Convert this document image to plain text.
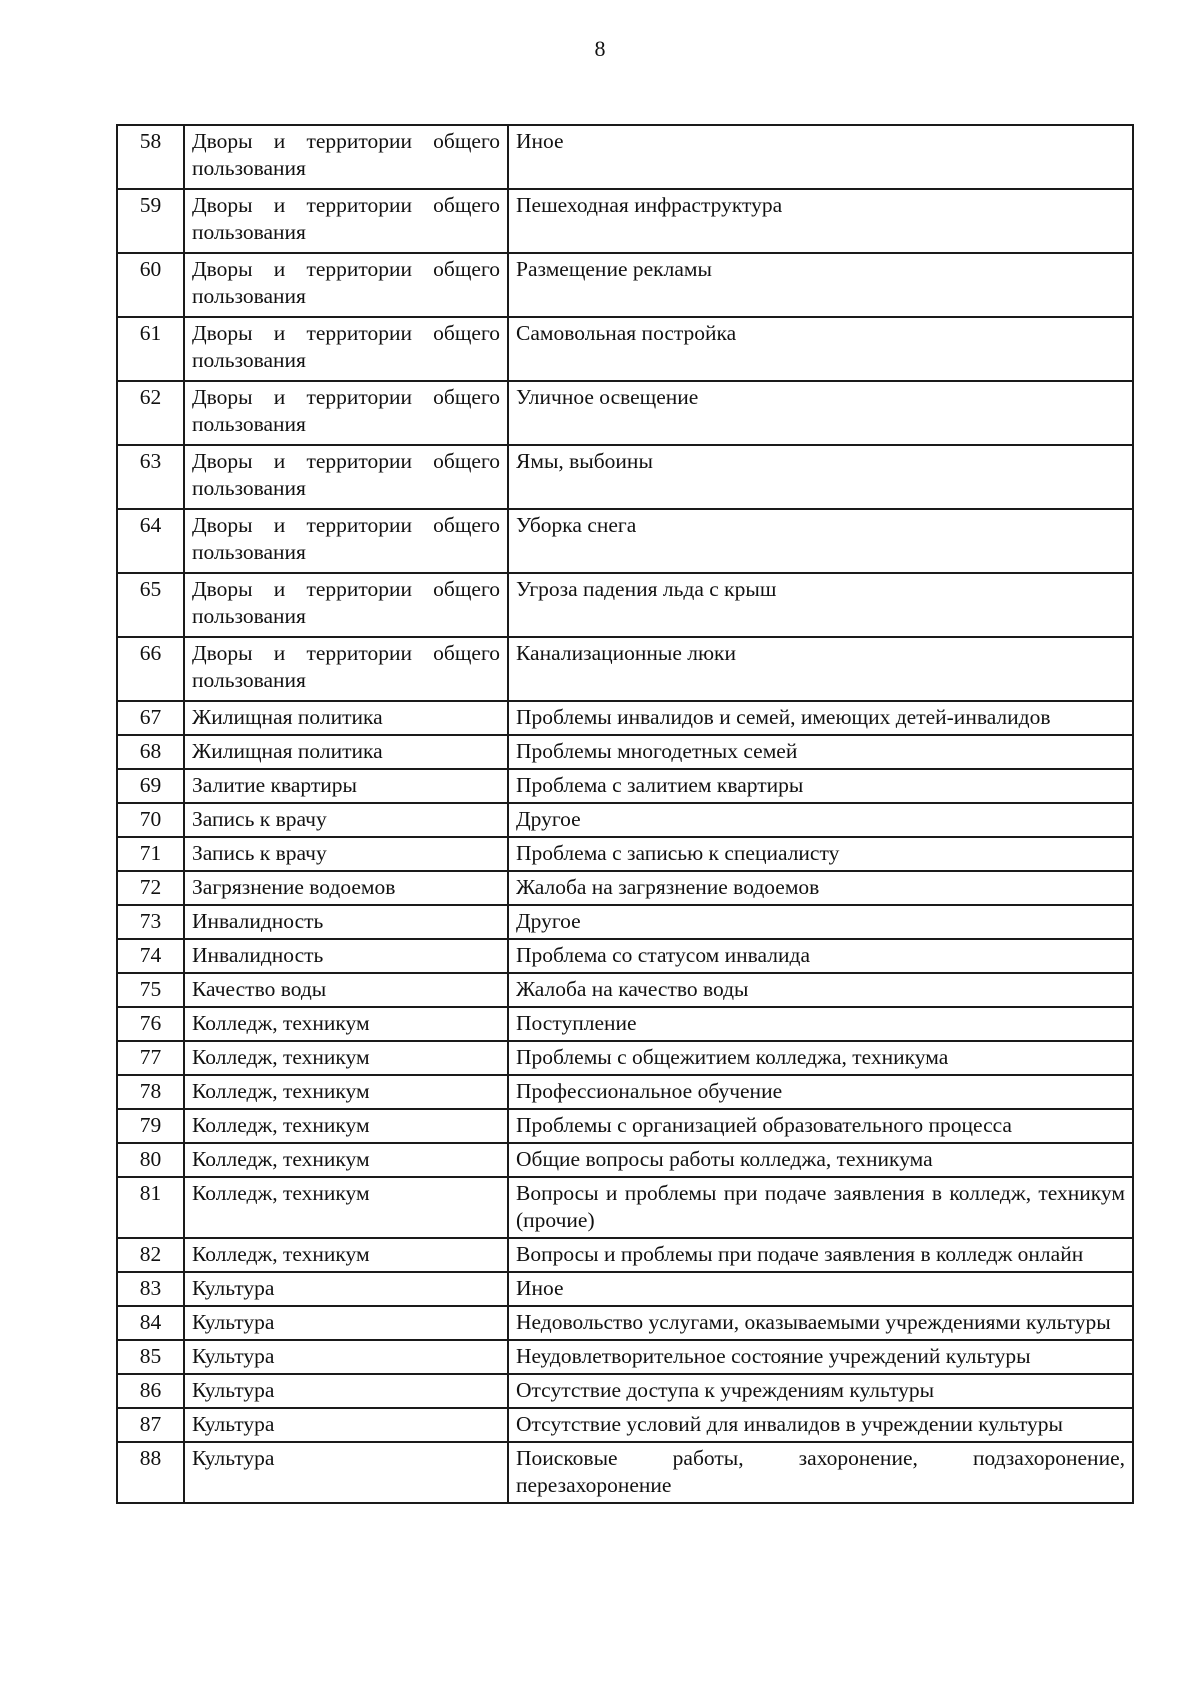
8
58	Дворы и территории общего пользования	Иное
59	Дворы и территории общего пользования	Пешеходная инфраструктура
60	Дворы и территории общего пользования	Размещение рекламы
61	Дворы и территории общего пользования	Самовольная постройка
62	Дворы и территории общего пользования	Уличное освещение
63	Дворы и территории общего пользования	Ямы, выбоины
64	Дворы и территории общего пользования	Уборка снега
65	Дворы и территории общего пользования	Угроза падения льда с крыш
66	Дворы и территории общего пользования	Канализационные люки
67	Жилищная политика	Проблемы инвалидов и семей, имеющих детей-инвалидов
68	Жилищная политика	Проблемы многодетных семей
69	Залитие квартиры	Проблема с залитием квартиры
70	Запись к врачу	Другое
71	Запись к врачу	Проблема с записью к специалисту
72	Загрязнение водоемов	Жалоба на загрязнение водоемов
73	Инвалидность	Другое
74	Инвалидность	Проблема со статусом инвалида
75	Качество воды	Жалоба на качество воды
76	Колледж, техникум	Поступление
77	Колледж, техникум	Проблемы с общежитием колледжа, техникума
78	Колледж, техникум	Профессиональное обучение
79	Колледж, техникум	Проблемы с организацией образовательного процесса
80	Колледж, техникум	Общие вопросы работы колледжа, техникума
81	Колледж, техникум	Вопросы и проблемы при подаче заявления в колледж, техникум (прочие)
82	Колледж, техникум	Вопросы и проблемы при подаче заявления в колледж онлайн
83	Культура	Иное
84	Культура	Недовольство услугами, оказываемыми учреждениями культуры
85	Культура	Неудовлетворительное состояние учреждений культуры
86	Культура	Отсутствие доступа к учреждениям культуры
87	Культура	Отсутствие условий для инвалидов в учреждении культуры
88	Культура	Поисковые работы, захоронение, подзахоронение, перезахоронение
